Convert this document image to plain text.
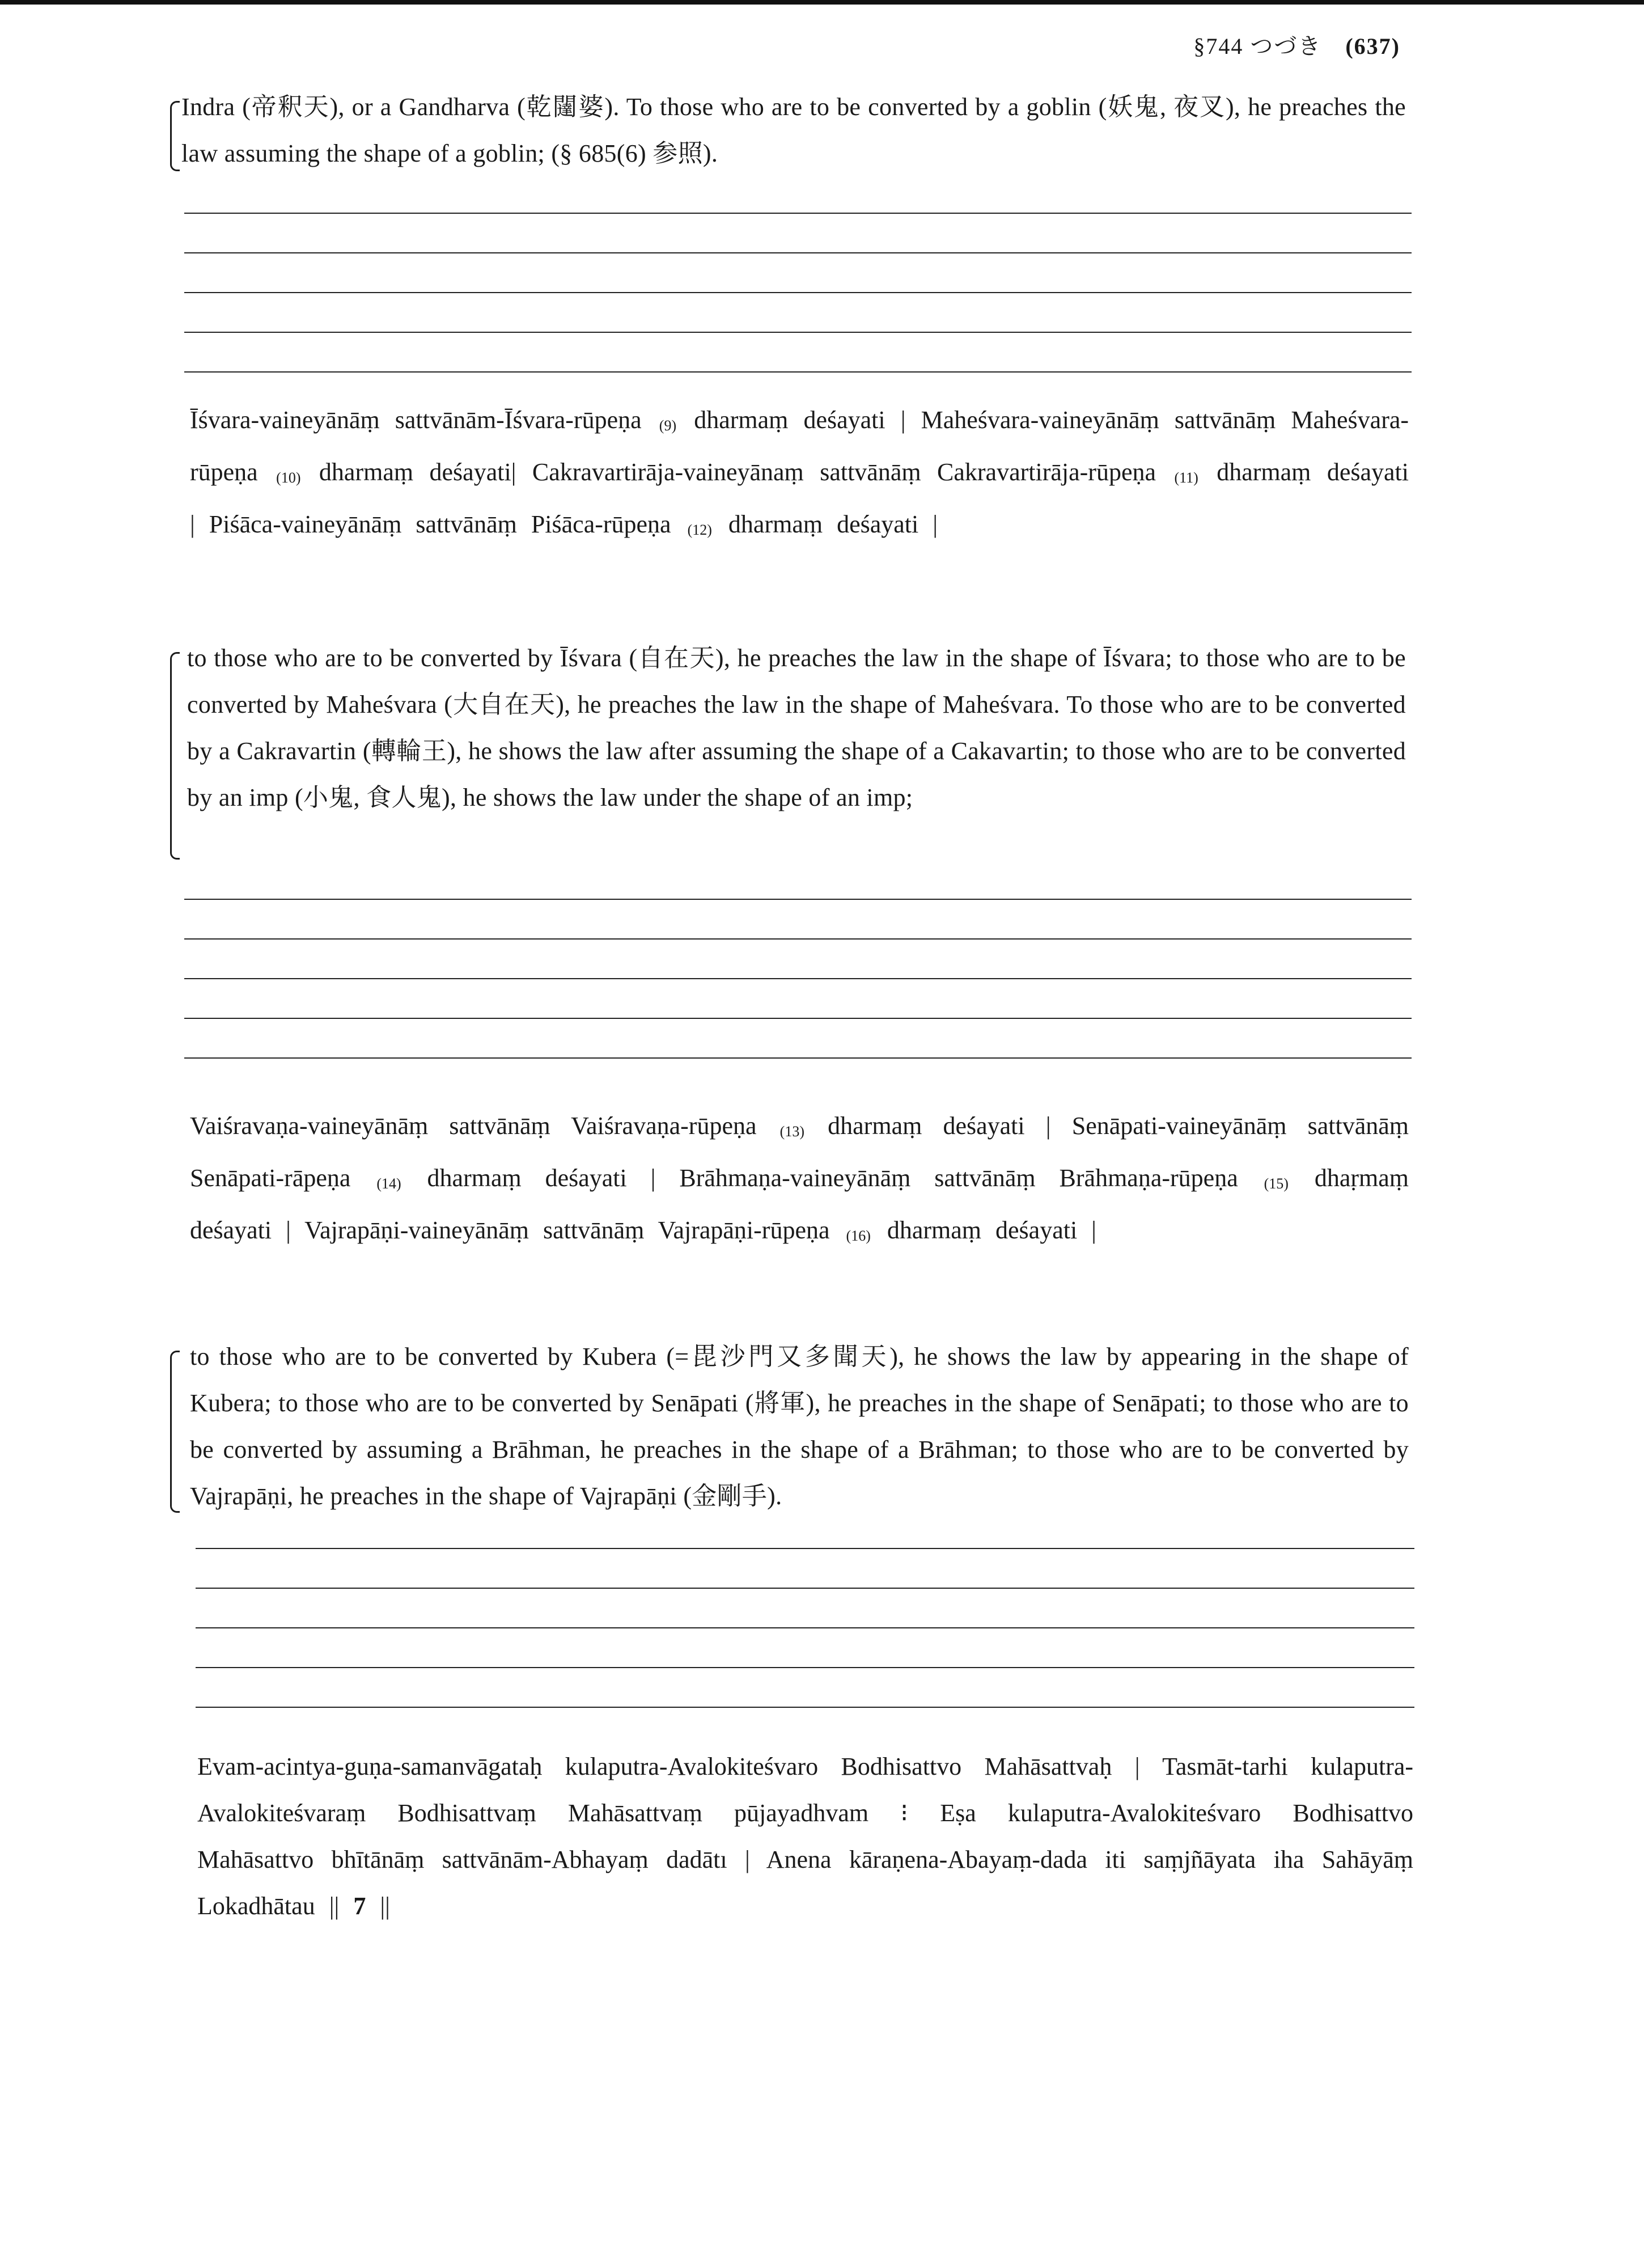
§744 つづき (637)
Indra (帝釈天), or a Gandharva (乾闥婆). To those who are to be converted by a goblin (妖鬼, 夜叉), he preaches the law assuming the shape of a goblin; (§ 685(6) 参照).
Īśvara-vaineyānāṃ sattvānām-Īśvara-rūpeṇa (9) dharmaṃ deśayati | Maheśvara-vaineyānāṃ sattvānāṃ Maheśvara-rūpeṇa (10) dharmaṃ deśayati| Cakravartirāja-vaineyānaṃ sattvānāṃ Cakravartirāja-rūpeṇa (11) dharmaṃ deśayati | Piśāca-vaineyānāṃ sattvānāṃ Piśāca-rūpeṇa (12) dharmaṃ deśayati |
to those who are to be converted by Īśvara (自在天), he preaches the law in the shape of Īśvara; to those who are to be converted by Maheśvara (大自在天), he preaches the law in the shape of Maheśvara. To those who are to be converted by a Cakravartin (轉輪王), he shows the law after assuming the shape of a Cakavartin; to those who are to be converted by an imp (小鬼, 食人鬼), he shows the law under the shape of an imp;
Vaiśravaṇa-vaineyānāṃ sattvānāṃ Vaiśravaṇa-rūpeṇa (13) dharmaṃ deśayati | Senāpati-vaineyānāṃ sattvānāṃ Senāpati-rāpeṇa (14) dharmaṃ deśayati | Brāhmaṇa-vaineyānāṃ sattvānāṃ Brāhmaṇa-rūpeṇa (15) dhaṛmaṃ deśayati | Vajrapāṇi-vaineyānāṃ sattvānāṃ Vajrapāṇi-rūpeṇa (16) dharmaṃ deśayati |
to those who are to be converted by Kubera (=毘沙門又多聞天), he shows the law by appearing in the shape of Kubera; to those who are to be converted by Senāpati (將軍), he preaches in the shape of Senāpati; to those who are to be converted by assuming a Brāhman, he preaches in the shape of a Brāhman; to those who are to be converted by Vajrapāṇi, he preaches in the shape of Vajrapāṇi (金剛手).
Evam-acintya-guṇa-samanvāgataḥ kulaputra-Avalokiteśvaro Bodhisattvo Mahāsattvaḥ | Tasmāt-tarhi kulaputra-Avalokiteśvaraṃ Bodhisattvaṃ Mahāsattvaṃ pūjayadhvam ⁝ Eṣa kulaputra-Avalokiteśvaro Bodhisattvo Mahāsattvo bhītānāṃ sattvānām-Abhayaṃ dadātı | Anena kāraṇena-Abayaṃ-dada iti saṃjñāyata iha Sahāyāṃ Lokadhātau || 7 ||
